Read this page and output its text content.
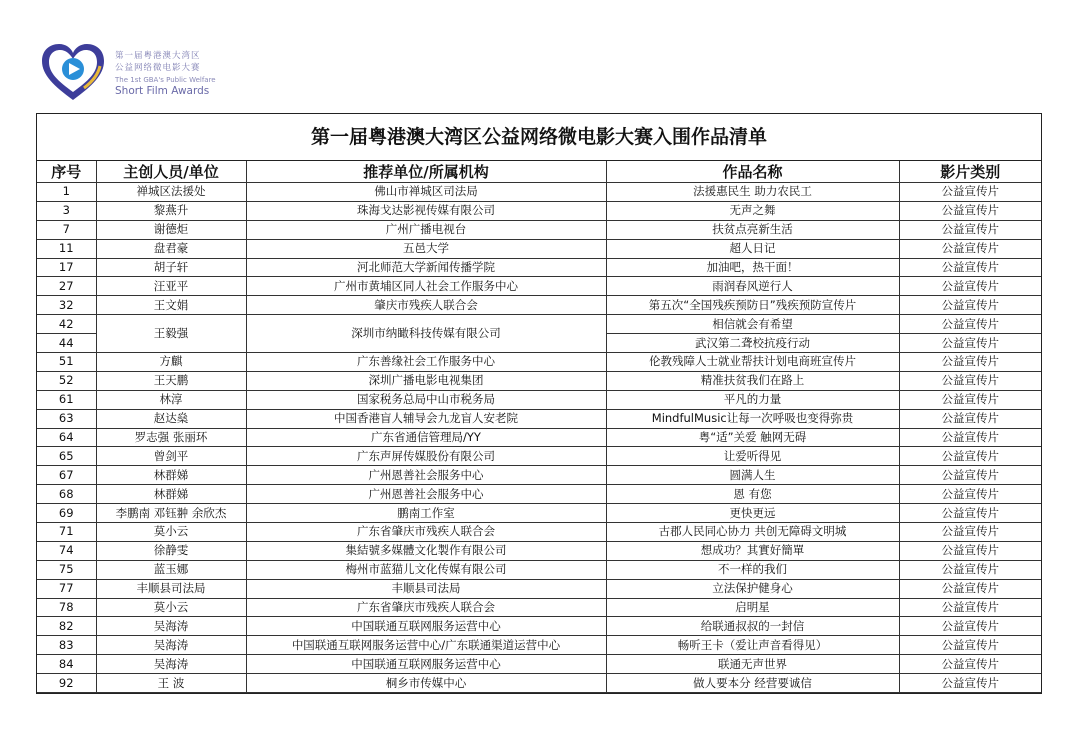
第一届粤港澳大湾区
公益网络微电影大赛
The 1st GBA's Public Welfare
Short Film Awards
第一届粤港澳大湾区公益网络微电影大赛入围作品清单
序号	主创人员/单位	推荐单位/所属机构	作品名称	影片类别
1	禅城区法援处	佛山市禅城区司法局	法援惠民生 助力农民工	公益宣传片
3	黎燕升	珠海戈达影视传媒有限公司	无声之舞	公益宣传片
7	谢德炬	广州广播电视台	扶贫点亮新生活	公益宣传片
11	盘君豪	五邑大学	超人日记	公益宣传片
17	胡子轩	河北师范大学新闻传播学院	加油吧，热干面！	公益宣传片
27	汪亚平	广州市黄埔区同人社会工作服务中心	雨润春风逆行人	公益宣传片
32	王文娟	肇庆市残疾人联合会	第五次“全国残疾预防日”残疾预防宣传片	公益宣传片
42	王毅强	深圳市纳瞰科技传媒有限公司	相信就会有希望	公益宣传片
44			武汉第二聋校抗疫行动	公益宣传片
51	方麒	广东善缘社会工作服务中心	伦教残障人士就业帮扶计划电商班宣传片	公益宣传片
52	王天鹏	深圳广播电影电视集团	精准扶贫我们在路上	公益宣传片
61	林淳	国家税务总局中山市税务局	平凡的力量	公益宣传片
63	赵达燊	中国香港盲人辅导会九龙盲人安老院	MindfulMusic让每一次呼吸也变得弥贵	公益宣传片
64	罗志强 张丽环	广东省通信管理局/YY	粤“适”关爱 触网无碍	公益宣传片
65	曾剑平	广东声屏传媒股份有限公司	让爱听得见	公益宣传片
67	林群娣	广州恩善社会服务中心	圆满人生	公益宣传片
68	林群娣	广州恩善社会服务中心	恩 有您	公益宣传片
69	李鹏南 邓钰翀 余欣杰	鹏南工作室	更快更远	公益宣传片
71	莫小云	广东省肇庆市残疾人联合会	古郡人民同心协力 共创无障碍文明城	公益宣传片
74	徐静雯	集結號多媒體文化製作有限公司	想成功？其實好簡單	公益宣传片
75	蓝玉娜	梅州市蓝猫儿文化传媒有限公司	不一样的我们	公益宣传片
77	丰顺县司法局	丰顺县司法局	立法保护健身心	公益宣传片
78	莫小云	广东省肇庆市残疾人联合会	启明星	公益宣传片
82	吴海涛	中国联通互联网服务运营中心	给联通叔叔的一封信	公益宣传片
83	吴海涛	中国联通互联网服务运营中心/广东联通渠道运营中心	畅听王卡（爱让声音看得见）	公益宣传片
84	吴海涛	中国联通互联网服务运营中心	联通无声世界	公益宣传片
92	王 波	桐乡市传媒中心	做人要本分 经营要诚信	公益宣传片
